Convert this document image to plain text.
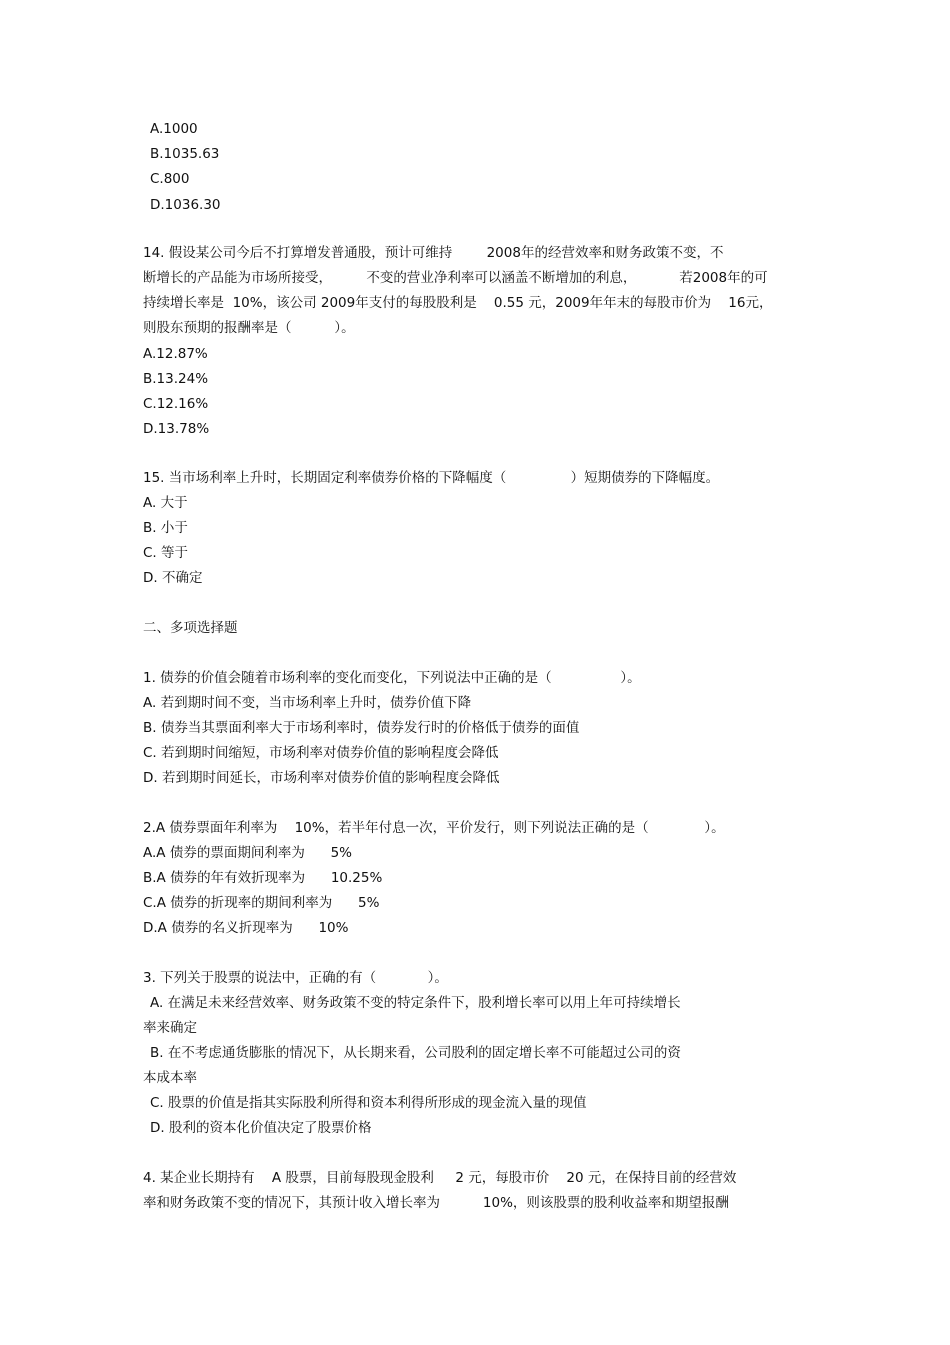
A.1000
B.1035.63
C.800
D.1036.30
14. 假设某公司今后不打算增发普通股，预计可维持        2008年的经营效率和财务政策不变，不
断增长的产品能为市场所接受，        不变的营业净利率可以涵盖不断增加的利息，          若2008年的可
持续增长率是  10%，该公司 2009年支付的每股股利是    0.55 元，2009年年末的每股市价为    16元，
则股东预期的报酬率是（          ）。
A.12.87%
B.13.24%
C.12.16%
D.13.78%
15. 当市场利率上升时，长期固定利率债券价格的下降幅度（               ）短期债券的下降幅度。
A. 大于
B. 小于
C. 等于
D. 不确定
二、多项选择题
1. 债券的价值会随着市场利率的变化而变化，下列说法中正确的是（                ）。
A. 若到期时间不变，当市场利率上升时，债券价值下降
B. 债券当其票面利率大于市场利率时，债券发行时的价格低于债券的面值
C. 若到期时间缩短，市场利率对债券价值的影响程度会降低
D. 若到期时间延长，市场利率对债券价值的影响程度会降低
2.A 债券票面年利率为    10%，若半年付息一次，平价发行，则下列说法正确的是（             ）。
A.A 债券的票面期间利率为      5%
B.A 债券的年有效折现率为      10.25%
C.A 债券的折现率的期间利率为      5%
D.A 债券的名义折现率为      10%
3. 下列关于股票的说法中，正确的有（            ）。
A. 在满足未来经营效率、财务政策不变的特定条件下，股利增长率可以用上年可持续增长
率来确定
B. 在不考虑通货膨胀的情况下，从长期来看，公司股利的固定增长率不可能超过公司的资
本成本率
C. 股票的价值是指其实际股利所得和资本利得所形成的现金流入量的现值
D. 股利的资本化价值决定了股票价格
4. 某企业长期持有    A 股票，目前每股现金股利     2 元，每股市价    20 元，在保持目前的经营效
率和财务政策不变的情况下，其预计收入增长率为          10%，则该股票的股利收益率和期望报酬
